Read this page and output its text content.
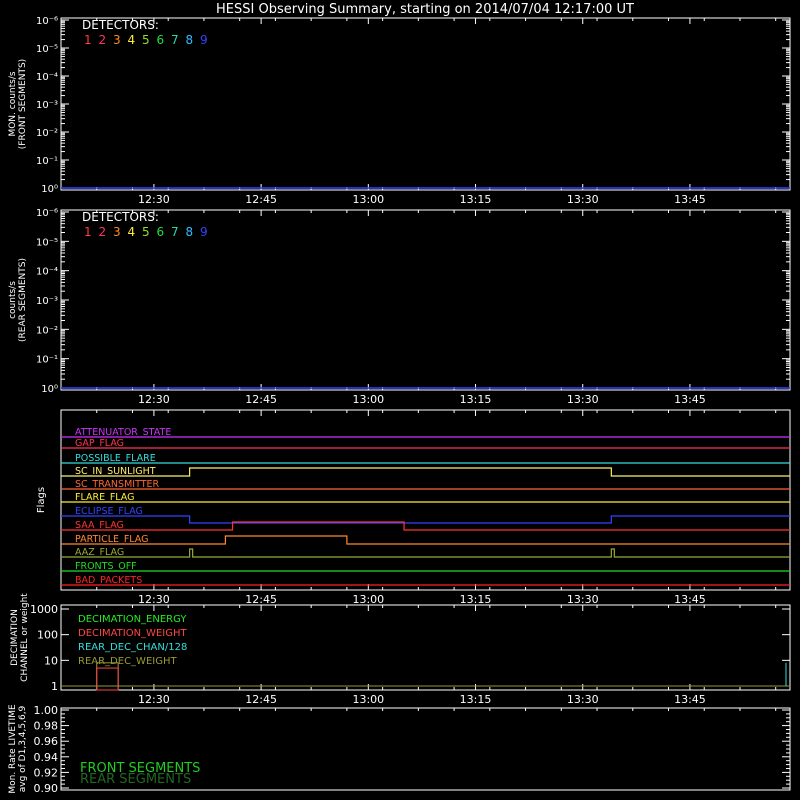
HESSI Observing Summary, starting on 2014/07/04 12:17:00 UT
12:30	12:45	13:00	13:15	13:30	13:45
10⁰
10⁻¹
10⁻²
10⁻³
10⁻⁴
10⁻⁵
10⁻⁶
MON. counts/s (FRONT SEGMENTS)
DETECTORS:
1 2 3 4 5 6 7 8 9
12:30	12:45	13:00	13:15	13:30	13:45
10⁰
10⁻¹
10⁻²
10⁻³
10⁻⁴
10⁻⁵
10⁻⁶
counts/s (REAR SEGMENTS)
DETECTORS:
1 2 3 4 5 6 7 8 9
12:30	12:45	13:00	13:15	13:30	13:45
Flags
ATTENUATOR_STATE
GAP_FLAG
POSSIBLE_FLARE
SC_IN_SUNLIGHT
SC_TRANSMITTER
FLARE_FLAG
ECLIPSE_FLAG
SAA_FLAG
PARTICLE_FLAG
AAZ_FLAG
FRONTS_OFF
BAD_PACKETS
12:30	12:45	13:00	13:15	13:30	13:45
1
10
100
1000
DECIMATION CHANNEL or weight	DECIMATION_ENERGY
DECIMATION_WEIGHT
REAR_DEC_CHAN/128
REAR_DEC_WEIGHT
0.90
0.92
0.94
0.96
0.98
1.00
Mon. Rate LIVETIME avg of D1,3,4,5,6,9	FRONT SEGMENTS
REAR SEGMENTS
